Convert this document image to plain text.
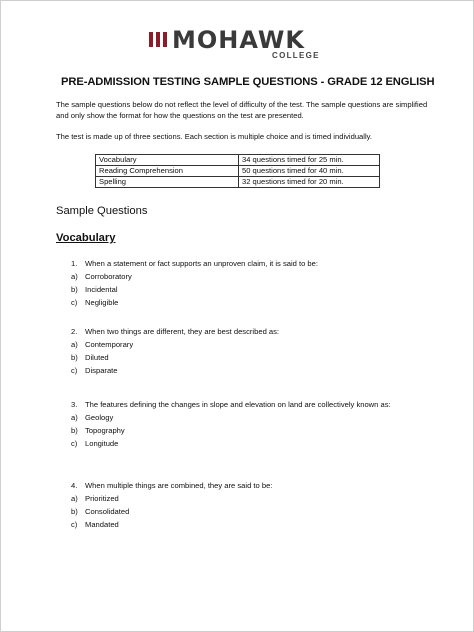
MOHAWK
COLLEGE
PRE-ADMISSION TESTING SAMPLE QUESTIONS - GRADE 12 ENGLISH
The sample questions below do not reflect the level of difficulty of the test. The sample questions are simplified and only show the format for how the questions on the test are presented.
The test is made up of three sections. Each section is multiple choice and is timed individually.
Vocabulary	34 questions timed for 25 min.
Reading Comprehension	50 questions timed for 40 min.
Spelling	32 questions timed for 20 min.
Sample Questions
Vocabulary
1. When a statement or fact supports an unproven claim, it is said to be:
a) Corroboratory
b) Incidental
c) Negligible
2. When two things are different, they are best described as:
a) Contemporary
b) Diluted
c) Disparate
3. The features defining the changes in slope and elevation on land are collectively known as:
a) Geology
b) Topography
c) Longitude
4. When multiple things are combined, they are said to be:
a) Prioritized
b) Consolidated
c) Mandated
